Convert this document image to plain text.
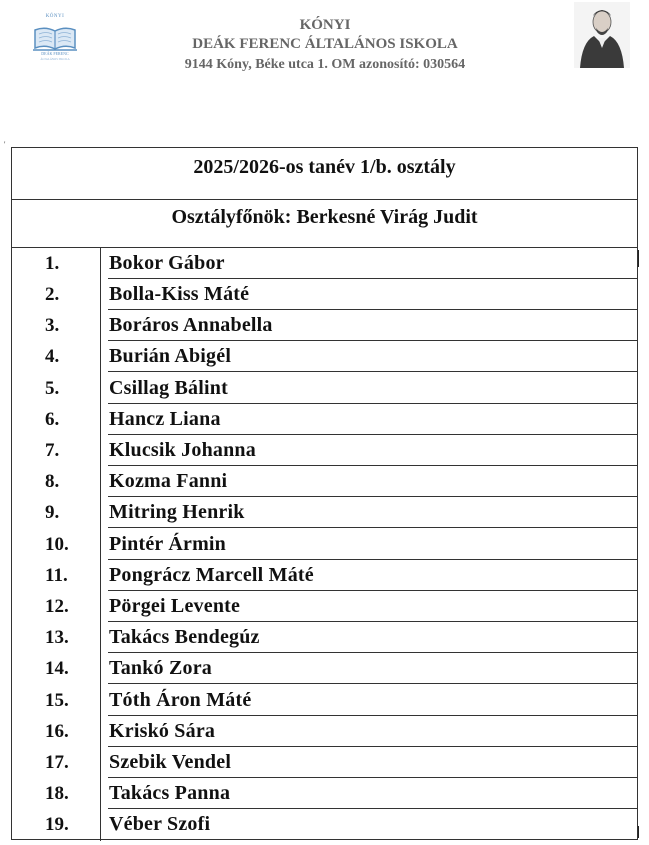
KÓNYI
DEÁK FERENC
ÁLTALÁNOS ISKOLA
KÓNYI
DEÁK FERENC ÁLTALÁNOS ISKOLA
9144 Kóny, Béke utca 1. OM azonosító: 030564
'
2025/2026-os tanév 1/b. osztály
Osztályfőnök: Berkesné Virág Judit
1. Bokor Gábor
2. Bolla-Kiss Máté
3. Boráros Annabella
4. Burián Abigél
5. Csillag Bálint
6. Hancz Liana
7. Klucsik Johanna
8. Kozma Fanni
9. Mitring Henrik
10. Pintér Ármin
11. Pongrácz Marcell Máté
12. Pörgei Levente
13. Takács Bendegúz
14. Tankó Zora
15. Tóth Áron Máté
16. Kriskó Sára
17. Szebik Vendel
18. Takács Panna
19. Véber Szofi
